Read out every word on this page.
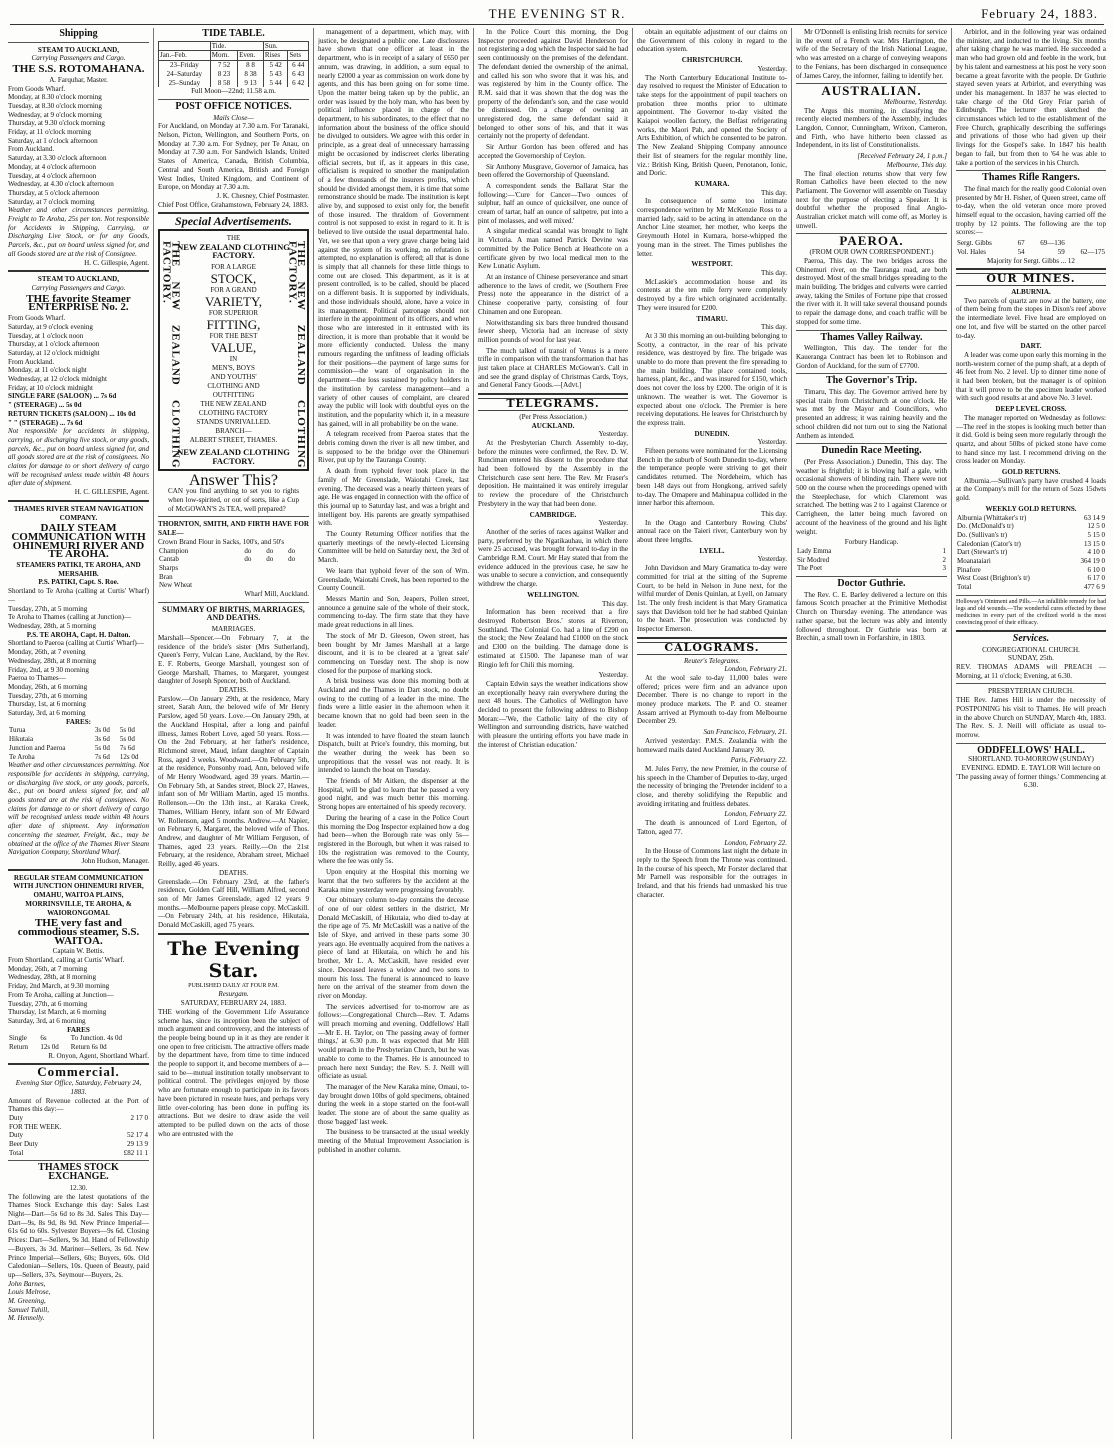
THE EVENING ST R.	February 24, 1883.
Shipping
STEAM TO AUCKLAND,
Carrying Passengers and Cargo.
THE S.S. ROTOMAHANA.
A. Farquhar, Master.
From Goods Wharf.
Monday, at 8.30 o'clock morning
Tuesday, at 8.30 o'clock morning
Wednesday, at 9 o'clock morning
Thursday, at 9.30 o'clock morning
Friday, at 11 o'clock morning
Saturday, at 1 o'clock afternoon
From Auckland.
Saturday, at 3.30 o'clock afternoon
Monday, at 4 o'clock afternoon
Tuesday, at 4 o'clock afternoon
Wednesday, at 4.30 o'clock afternoon
Thursday, at 5 o'clock afternoon
Saturday, at 7 o'clock morning
Weather and other circumstances permitting. Freight to Te Aroha, 25s per ton. Not responsible for Accidents in Shipping, Carrying, or Discharging Live Stock, or for any Goods, Parcels, &c., put on board unless signed for, and all Goods stored are at the risk of Consignee.
H. C. Gillespie, Agent.
STEAM TO AUCKLAND,
Carrying Passengers and Cargo.
THE favorite Steamer ENTERPRISE No. 2.
From Goods Wharf.
Saturday, at 9 o'clock evening
Tuesday, at 1 o'clock noon
Thursday, at 1 o'clock afternoon
Saturday, at 12 o'clock midnight
From Auckland.
Monday, at 11 o'clock night
Wednesday, at 12 o'clock midnight
Friday, at 10 o'clock midnight
SINGLE FARE (SALOON) ... 7s 6d
" (STEERAGE) ... 5s 0d
RETURN TICKETS (SALOON) ... 10s 0d
" " (STERAGE) ... 7s 6d
Not responsible for accidents in shipping, carrying, or discharging live stock, or any goods, parcels, &c., put on board unless signed for, and all goods stored are at the risk of consignees. No claims for damage to or short delivery of cargo will be recognised unless made within 48 hours after date of shipment.
H. C. GILLESPIE, Agent.
THAMES RIVER STEAM NAVIGATION COMPANY.
DAILY STEAM COMMUNICATION WITH OHINEMURI RIVER AND TE AROHA.
STEAMERS PATIKI, TE AROHA, AND MERSAHIB.
P.S. PATIKI, Capt. S. Roe.
Shortland to Te Aroha (calling at Curtis' Wharf)—
Tuesday, 27th, at 5 morning
Te Aroha to Thames (calling at Junction)—
Wednesday, 28th, at 5 morning
P.S. TE AROHA, Capt. H. Dalton.
Shortland to Paeroa (calling at Curtis' Wharf)—
Monday, 26th, at 7 evening
Wednesday, 28th, at 8 morning
Friday, 2nd, at 9 30 morning
Paeroa to Thames—
Monday, 26th, at 6 morning
Tuesday, 27th, at 6 morning
Thursday, 1st, at 6 morning
Saturday, 3rd, at 6 morning
FARES:
Turua	3s 0d	5s 0d
Hikutaia	3s 6d	5s 0d
Junction and Paeroa	5s 0d	7s 6d
Te Aroha	7s 6d	12s 0d
Weather and other circumstances permitting. Not responsible for accidents in shipping, carrying, or discharging live stock, or any goods, parcels, &c., put on board unless signed for, and all goods stored are at the risk of consignees. No claims for damage to or short delivery of cargo will be recognised unless made within 48 hours after date of shipment. Any information concerning the steamer, Freight, &c., may be obtained at the office of the Thames River Steam Navigation Company, Shortland Wharf.
John Hudson, Manager.
REGULAR STEAM COMMUNICATION WITH JUNCTION OHINEMURI RIVER, OMAHU, WAITOA PLAINS, MORRINSVILLE, TE AROHA, & WAIORONGOMAI.
THE very fast and commodious steamer, S.S. WAITOA.
Captain W. Bettis.
From Shortland, calling at Curtis' Wharf.
Monday, 26th, at 7 morning
Wednesday, 28th, at 8 morning
Friday, 2nd March, at 9.30 morning
From Te Aroha, calling at Junction—
Tuesday, 27th, at 6 morning
Thursday, 1st March, at 6 morning
Saturday, 3rd, at 6 morning
FARES
Single	6s	To Junction. 4s 0d
Return	12s 0d	Return 6s 0d
R. Onyon, Agent, Shortland Wharf.
Commercial.
Evening Star Office, Saturday, February 24, 1883.
Amount of Revenue collected at the Port of Thames this day:—
Duty	2 17 0
FOR THE WEEK.	
Duty	52 17 4
Beer Duty	29 13 9
Total	£82 11 1
THAMES STOCK EXCHANGE.
12.30.
The following are the latest quotations of the Thames Stock Exchange this day: Sales Last Night—Dart—5s 6d to 8s 3d. Sales This Day—Dart—9s, 8s 9d, 8s 9d. New Prince Imperial—61s 6d to 60s. Sylvester Buyers—9s 6d. Closing Prices: Dart—Sellers, 9s 3d. Hand of Fellowship—Buyers, 3s 3d. Mariner—Sellers, 3s 6d. New Prince Imperial—Sellers, 60s; Buyers, 60s. Old Caledonian—Sellers, 10s. Queen of Beauty, paid up—Sellers, 37s. Seymour—Buyers, 2s.
John Barnes,
Louis Melrose,
M. Greening,
Samuel Tuhill,
M. Hennelly.
TIDE TABLE.
	Tide.		Sun.	
Jan.–Feb.	Morn.	Even.	Rises	Sets
23–Friday	7 52	8 8	5 42	6 44
24–Saturday	8 23	8 38	5 43	6 43
25–Sunday	8 58	9 13	5 44	6 42
Full Moon—22nd; 11.58 a.m.
POST OFFICE NOTICES.
Mails Close—
For Auckland, on Monday at 7.30 a.m. For Taranaki, Nelson, Picton, Wellington, and Southern Ports, on Monday at 7.30 a.m. For Sydney, per Te Anau, on Monday at 7.30 a.m. For Sandwich Islands, United States of America, Canada, British Columbia, Central and South America, British and Foreign West Indies, United Kingdom, and Continent of Europe, on Monday at 7.30 a.m.
J. K. Chesney, Chief Postmaster.
Chief Post Office, Grahamstown, February 24, 1883.
Special Advertisements.
THE
NEW ZEALAND CLOTHING FACTORY.
THE NEW ZEALAND CLOTHING FACTORY.	THE NEW ZEALAND CLOTHING FACTORY.
FOR A LARGE
STOCK,
FOR A GRAND
VARIETY,
FOR SUPERIOR
FITTING,
FOR THE BEST
VALUE,
IN
MEN'S, BOYS
AND YOUTHS'
CLOTHING AND
OUTFITTING
THE NEW ZEALAND
CLOTHING FACTORY
STANDS UNRIVALLED.
BRANCH—
ALBERT STREET, THAMES.
NEW ZEALAND CLOTHING FACTORY.
Answer This?
CAN you find anything to set you to rights when low-spirited, or out of sorts, like a Cup of McGOWAN'S 2s TEA, well prepared?
THORNTON, SMITH, AND FIRTH HAVE FOR SALE—
Crown Brand Flour in Sacks, 100's, and 50's
Champion	do	do	do
Cantab	do	do	do
Sharps			
Bran			
New Wheat			
Wharf Mill, Auckland.
SUMMARY OF BIRTHS, MARRIAGES, AND DEATHS.
MARRIAGES.
Marshall—Spencer.—On February 7, at the residence of the bride's sister (Mrs Sutherland), Queen's Ferry, Vulcan Lane, Auckland, by the Rev. E. F. Roberts, George Marshall, youngest son of George Marshall, Thames, to Margaret, youngest daughter of Joseph Spencer, both of Auckland.
DEATHS.
Parslow.—On January 29th, at the residence, Mary street, Sarah Ann, the beloved wife of Mr Henry Parslow, aged 50 years. Love.—On January 29th, at the Auckland Hospital, after a long and painful illness, James Robert Love, aged 50 years. Ross.—On the 2nd February, at her father's residence, Richmond street, Maud, infant daughter of Captain Ross, aged 3 weeks. Woodward.—On February 5th, at the residence, Ponsonby road, Ann, beloved wife of Mr Henry Woodward, aged 39 years. Martin.—On February 5th, at Sandes street, Block 27, Hawes, infant son of Mr William Martin, aged 15 months. Rollenson.—On the 13th inst., at Karaka Creek, Thames, William Henry, infant son of Mr Edward W. Rollenson, aged 5 months. Andrew.—At Napier, on February 6, Margaret, the beloved wife of Thos. Andrew, and daughter of Mr William Ferguson, of Thames, aged 23 years. Reilly.—On the 21st February, at the residence, Abraham street, Michael Reilly, aged 46 years.
DEATHS.
Greenslade.—On February 23rd, at the father's residence, Golden Calf Hill, William Alfred, second son of Mr James Greenslade, aged 12 years 9 months.—Melbourne papers please copy. McCaskill.—On February 24th, at his residence, Hikutaia, Donald McCaskill, aged 75 years.
The Evening Star.
PUBLISHED DAILY AT FOUR P.M.
Resurgam.
SATURDAY, FEBRUARY 24, 1883.
THE working of the Government Life Assurance scheme has, since its inception been the subject of much argument and controversy, and the interests of the people being bound up in it as they are render it one open to free criticism. The attractive offers made by the department have, from time to time induced the people to support it, and become members of a—said to be—mutual institution totally unobservant to political control. The privileges enjoyed by those who are fortunate enough to participate in its favors have been pictured in roseate hues, and perhaps very little over-coloring has been done in puffing its attractions. But we desire to draw aside the veil attempted to be pulled down on the acts of those who are entrusted with the

management of a department, which may, with justice, be designated a public one. Late disclosures have shown that one officer at least in the department, who is in receipt of a salary of £650 per annum, was drawing, in addition, a sum equal to nearly £2000 a year as commission on work done by agents, and this has been going on for some time. Upon the matter being taken up by the public, an order was issued by the holy man, who has been by political influence placed in charge of the department, to his subordinates, to the effect that no information about the business of the office should be divulged to outsiders. We agree with this order in principle, as a great deal of unnecessary harrassing might be occasioned by indiscreet clerks liberating official secrets, but if, as it appears in this case, officialism is required to smother the manipulation of a few thousands of the insurers profits, which should be divided amongst them, it is time that some remonstrance should be made. The institution is kept alive by, and supposed to exist only for, the benefit of those insured. The thraldom of Government control is not supposed to exist in regard to it. It is believed to live outside the usual departmental halo. Yet, we see that upon a very grave charge being laid against the system of its working, no refutation is attempted, no explanation is offered; all that is done is simply that all channels for these little things to come out are closed. This department, as it is at present controlled, is to be called, should be placed on a different basis. It is supported by individuals, and those individuals should, alone, have a voice in its management. Political patronage should not interfere in the appointment of its officers, and when those who are interested in it entrusted with its direction, it is more than probable that it would be more efficiently conducted. Unless the many rumours regarding the unfitness of leading officials for their positions—the payment of large sums for commission—the want of organisation in the department—the loss sustained by policy holders in the institution by careless management—and a variety of other causes of complaint, are cleared away the public will look with doubtful eyes on the institution, and the popularity which it, in a measure has gained, will in all probability be on the wane.

A telegram received from Paeroa states that the debris coming down the river is all new timber, and is supposed to be the bridge over the Ohinemuri River, put up by the Tauranga County.

A death from typhoid fever took place in the family of Mr Greenslade, Waiotahi Creek, last evening. The deceased was a nearly thirteen years of age. He was engaged in connection with the office of this journal up to Saturday last, and was a bright and intelligent boy. His parents are greatly sympathised with.

The County Returning Officer notifies that the quarterly meetings of the newly-elected Licensing Committee will be held on Saturday next, the 3rd of March.

We learn that typhoid fever of the son of Wm. Greenslade, Waiotahi Creek, has been reported to the County Council.

Messrs Martin and Son, Jeapers, Pollen street, announce a genuine sale of the whole of their stock, commencing to-day. The firm state that they have made great reductions in all lines.

The stock of Mr D. Gleeson, Owen street, has been bought by Mr James Marshall at a large discount, and it is to be cleared at a 'great sale' commencing on Tuesday next. The shop is now closed for the purpose of marking stock.

A brisk business was done this morning both at Auckland and the Thames in Dart stock, no doubt owing to the cutting of a leader in the mine. The finds were a little easier in the afternoon when it became known that no gold had been seen in the leader.

It was intended to have floated the steam launch Dispatch, built at Price's foundry, this morning, but the weather during the week has been so unpropitious that the vessel was not ready. It is intended to launch the boat on Tuesday.

The friends of Mr Aitken, the dispenser at the Hospital, will be glad to learn that he passed a very good night, and was much better this morning. Strong hopes are entertained of his speedy recovery.

During the hearing of a case in the Police Court this morning the Dog Inspector explained how a dog had been—when the Borough rate was only 5s—registered in the Borough, but when it was raised to 10s the registration was removed to the County, where the fee was only 5s.

Upon enquiry at the Hospital this morning we learnt that the two sufferers by the accident at the Karaka mine yesterday were progressing favorably.

Our obituary column to-day contains the decease of one of our oldest settlers in the district, Mr Donald McCaskill, of Hikutaia, who died to-day at the ripe age of 75. Mr McCaskill was a native of the Isle of Skye, and arrived in these parts some 30 years ago. He eventually acquired from the natives a piece of land at Hikutaia, on which he and his brother, Mr L. A. McCaskill, have resided ever since. Deceased leaves a widow and two sons to mourn his loss. The funeral is announced to leave here on the arrival of the steamer from down the river on Monday.

The services advertised for to-morrow are as follows:—Congregational Church—Rev. T. Adams will preach morning and evening. Oddfellows' Hall—Mr E. H. Taylor, on 'The passing away of former things,' at 6.30 p.m. It was expected that Mr Hill would preach in the Presbyterian Church, but he was unable to come to the Thames. He is announced to preach here next Sunday; the Rev. S. J. Neill will officiate as usual.

The manager of the New Karaka mine, Omaui, to-day brought down 10lbs of gold specimens, obtained during the week in a stope started on the foot-wall leader. The stone are of about the same quality as those 'bagged' last week.

The business to be transacted at the usual weekly meeting of the Mutual Improvement Association is published in another column.

In the Police Court this morning, the Dog Inspector proceeded against David Henderson for not registering a dog which the Inspector said he had seen continuously on the premises of the defendant. The defendant denied the ownership of the animal, and called his son who swore that it was his, and was registered by him in the County office. The R.M. said that it was shown that the dog was the property of the defendant's son, and the case would be dismissed. On a charge of owning an unregistered dog, the same defendant said it belonged to other sons of his, and that it was certainly not the property of defendant.

Sir Arthur Gordon has been offered and has accepted the Governorship of Ceylon.

Sir Anthony Musgrave, Governor of Jamaica, has been offered the Governorship of Queensland.

A correspondent sends the Ballarat Star the following:—'Cure for Cancer—Two ounces of sulphur, half an ounce of quicksilver, one ounce of cream of tartar, half an ounce of saltpetre, put into a pint of molasses, and well mixed.'

A singular medical scandal was brought to light in Victoria. A man named Patrick Devine was committed by the Police Bench at Heathcote on a certificate given by two local medical men to the Kew Lunatic Asylum.

At an instance of Chinese perseverance and smart adherence to the laws of credit, we (Southern Free Press) note the appearance in the district of a Chinese cooperative party, consisting of four Chinamen and one European.

Notwithstanding six bars three hundred thousand fewer sheep, Victoria had an increase of sixty million pounds of wool for last year.

The much talked of transit of Venus is a mere trifle in comparison with the transformation that has just taken place at CHARLES McGowan's. Call in and see the grand display of Christmas Cards, Toys, and General Fancy Goods.—[Advt.]

TELEGRAMS.
(Per Press Association.)
AUCKLAND.
Yesterday.

At the Presbyterian Church Assembly to-day, before the minutes were confirmed, the Rev. D. W. Runciman entered his dissent to the procedure that had been followed by the Assembly in the Christchurch case sent here. The Rev. Mr Fraser's deposition. He maintained it was entirely irregular to review the procedure of the Christchurch Presbytery in the way that had been done.

CAMBRIDGE.
Yesterday.

Another of the series of races against Walker and party, preferred by the Ngatikauhau, in which there were 25 accused, was brought forward to-day in the Cambridge R.M. Court. Mr Hay stated that from the evidence adduced in the previous case, he saw he was unable to secure a conviction, and consequently withdrew the charge.

WELLINGTON.
This day.

Information has been received that a fire destroyed Robertson Bros.' stores at Riverton, Southland. The Colonial Co. had a line of £290 on the stock; the New Zealand had £1000 on the stock and £300 on the building. The damage done is estimated at £1500. The Japanese man of war Ringio left for Chili this morning.

Yesterday.

Captain Edwin says the weather indications show an exceptionally heavy rain everywhere during the next 48 hours. The Catholics of Wellington have decided to present the following address to Bishop Moran:—'We, the Catholic laity of the city of Wellington and surrounding districts, have watched with pleasure the untiring efforts you have made in the interest of Christian education.'

obtain an equitable adjustment of our claims on the Government of this colony in regard to the education system.

CHRISTCHURCH.
Yesterday.

The North Canterbury Educational Institute to-day resolved to request the Minister of Education to take steps for the appointment of pupil teachers on probation three months prior to ultimate appointment. The Governor to-day visited the Kaiapoi woollen factory, the Belfast refrigerating works, the Maori Pah, and opened the Society of Arts Exhibition, of which he consented to be patron. The New Zealand Shipping Company announce their list of steamers for the regular monthly line, viz.: British King, British Queen, Penotanon, Ionic, and Doric.

KUMARA.
This day.

In consequence of some too intimate correspondence written by Mr McKenzie Ross to a married lady, said to be acting in attendance on the Anchor Line steamer, her mother, who keeps the Greymouth Hotel in Kumara, horse-whipped the young man in the street. The Times publishes the letter.

WESTPORT.
This day.

McLaskie's accommodation house and its contents at the ten mile ferry were completely destroyed by a fire which originated accidentally. They were insured for £200.

TIMARU.
This day.

At 3 30 this morning an out-building belonging to Scotty, a contractor, in the rear of his private residence, was destroyed by fire. The brigade was unable to do more than prevent the fire spreading to the main building. The place contained tools, harness, plant, &c., and was insured for £150, which does not cover the loss by £200. The origin of it is unknown. The weather is wet. The Governor is expected about one o'clock. The Premier is here receiving deputations. He leaves for Christchurch by the express train.

DUNEDIN.
Yesterday.

Fifteen persons were nominated for the Licensing Bench in the suburb of South Dunedin to-day, where the temperance people were striving to get their candidates returned. The Nordeheim, which has been 148 days out from Hongkong, arrived safely to-day. The Omapere and Mahinapua collided in the inner harbor this afternoon.

This day.

In the Otago and Canterbury Rowing Clubs' annual race on the Taieri river, Canterbury won by about three lengths.

LYELL.
Yesterday.

John Davidson and Mary Gramatica to-day were committed for trial at the sitting of the Supreme Court, to be held in Nelson in June next, for the wilful murder of Denis Quinlan, at Lyell, on January 1st. The only fresh incident is that Mary Gramatica says that Davidson told her he had stabbed Quinlan to the heart. The prosecution was conducted by Inspector Emerson.

CALOGRAMS.
Reuter's Telegrams.
London, February 21.

At the wool sale to-day 11,000 bales were offered; prices were firm and an advance upon December. There is no change to report in the money produce markets. The P. and O. steamer Assam arrived at Plymouth to-day from Melbourne December 29.

San Francisco, February, 21.

Arrived yesterday: P.M.S. Zealandia with the homeward mails dated Auckland January 30.

Paris, February 22.

M. Jules Ferry, the new Premier, in the course of his speech in the Chamber of Deputies to-day, urged the necessity of bringing the 'Pretender incident' to a close, and thereby solidifying the Republic and avoiding irritating and fruitless debates.

London, February 22.

The death is announced of Lord Egerton, of Tatton, aged 77.

London, February 22.

In the House of Commons last night the debate in reply to the Speech from the Throne was continued. In the course of his speech, Mr Forster declared that Mr Parnell was responsible for the outrages in Ireland, and that his friends had unmasked his true character.

Mr O'Donnell is enlisting Irish recruits for service in the event of a French war. Mrs Harrington, the wife of the Secretary of the Irish National League, who was arrested on a charge of conveying weapons to the Fenians, has been discharged in consequence of James Carey, the informer, failing to identify her.

AUSTRALIAN.
Melbourne, Yesterday.

The Argus this morning, in classifying the recently elected members of the Assembly, includes Langdon, Connor, Cunningham, Wrixon, Cameron, and Firth, who have hitherto been classed as Independent, in its list of Constitutionalists.

[Received February 24, 1 p.m.]
Melbourne, This day.

The final election returns show that very few Roman Catholics have been elected to the new Parliament. The Governor will assemble on Tuesday next for the purpose of electing a Speaker. It is doubtful whether the proposed final Anglo-Australian cricket match will come off, as Morley is unwell.

PAEROA.
(FROM OUR OWN CORRESPONDENT.)

Paeroa, This day. The two bridges across the Ohinemuri river, on the Tauranga road, are both destroyed. Most of the small bridges spreading to the main building. The bridges and culverts were carried away, taking the Smiles of Fortune pipe that crossed the river with it. It will take several thousand pounds to repair the damage done, and coach traffic will be stopped for some time.

Thames Valley Railway.

Wellington, This day. The tender for the Kaueranga Contract has been let to Robinson and Gordon of Auckland, for the sum of £7700.

The Governor's Trip.

Timaru, This day. The Governor arrived here by special train from Christchurch at one o'clock. He was met by the Mayor and Councillors, who presented an address; it was raining heavily and the school children did not turn out to sing the National Anthem as intended.

Dunedin Race Meeting.

(Per Press Association.) Dunedin, This day. The weather is frightful; it is blowing half a gale, with occasional showers of blinding rain. There were not 500 on the course when the proceedings opened with the Steeplechase, for which Claremont was scratched. The betting was 2 to 1 against Clarence or Carrigheen, the latter being much favored on account of the heaviness of the ground and his light weight.

Forbury Handicap.
Lady Emma	1
Sir Modred	2
The Poet	3
Doctor Guthrie.

The Rev. C. E. Barley delivered a lecture on this famous Scotch preacher at the Primitive Methodist Church on Thursday evening. The attendance was rather sparse, but the lecture was ably and intently followed throughout. Dr Guthrie was born at Brechin, a small town in Forfarshire, in 1803.

Arbirlot, and in the following year was ordained the minister, and inducted to the living. Six months after taking charge he was married. He succeeded a man who had grown old and feeble in the work, but by his talent and earnestness at his post he very soon became a great favorite with the people. Dr Guthrie stayed seven years at Arbirlot, and everything was under his management. In 1837 he was elected to take charge of the Old Grey Friar parish of Edinburgh. The lecturer then sketched the circumstances which led to the establishment of the Free Church, graphically describing the sufferings and privations of those who had given up their livings for the Gospel's sake. In 1847 his health began to fail, but from then to '64 he was able to take a portion of the services in his Church.

Thames Rifle Rangers.

The final match for the really good Colonial oven presented by Mr H. Fisher, of Queen street, came off to-day, when the old veteran once more proved himself equal to the occasion, having carried off the trophy by 12 points. The following are the top scores:—

Sergt. Gibbs	67	69—136	
Vol. Hales	54	59	62—175
Majority for Sergt. Gibbs ... 12
OUR MINES.
ALBURNIA.

Two parcels of quartz are now at the battery, one of them being from the stopes in Dixon's reef above the intermediate level. Five head are employed on one lot, and five will be started on the other parcel to-day.

DART.

A leader was come upon early this morning in the north-western corner of the pump shaft, at a depth of 46 feet from No. 2 level. Up to dinner time none of it had been broken, but the manager is of opinion that it will prove to be the specimen leader worked with such good results at and above No. 3 level.

DEEP LEVEL CROSS.

The manager reported on Wednesday as follows:—The reef in the stopes is looking much better than it did. Gold is being seen more regularly through the quartz, and about 50lbs of picked stone have come to hand since my last. I recommend driving on the cross leader on Monday.

GOLD RETURNS.

Alburnia.—Sullivan's party have crushed 4 loads at the Company's mill for the return of 5ozs 15dwts gold.

WEEKLY GOLD RETURNS.
Alburnia (Whittaker's tr)	63 14 9
Do. (McDonald's tr)	12 5 0
Do. (Sullivan's tr)	5 15 0
Caledonian (Cator's tr)	13 15 0
Dart (Stewart's tr)	4 10 0
Moanataiari	364 19 0
Pinafore	6 10 0
West Coast (Brighton's tr)	6 17 0
Total	477 6 9
Holloway's Ointment and Pills.—An infallible remedy for bad legs and old wounds.—The wonderful cures effected by these medicines in every part of the civilized world is the most convincing proof of their efficacy.
Services.
CONGREGATIONAL CHURCH.
SUNDAY, 25th.
REV. THOMAS ADAMS will PREACH —Morning, at 11 o'clock; Evening, at 6.30.
PRESBYTERIAN CHURCH.
THE Rev. James Hill is under the necessity of POSTPONING his visit to Thames. He will preach in the above Church on SUNDAY, March 4th, 1883. The Rev. S. J. Neill will officiate as usual to-morrow.
ODDFELLOWS' HALL.
SHORTLAND. TO-MORROW (SUNDAY) EVENING. EDMD. E. TAYLOR Will lecture on 'The passing away of former things.' Commencing at 6.30.
